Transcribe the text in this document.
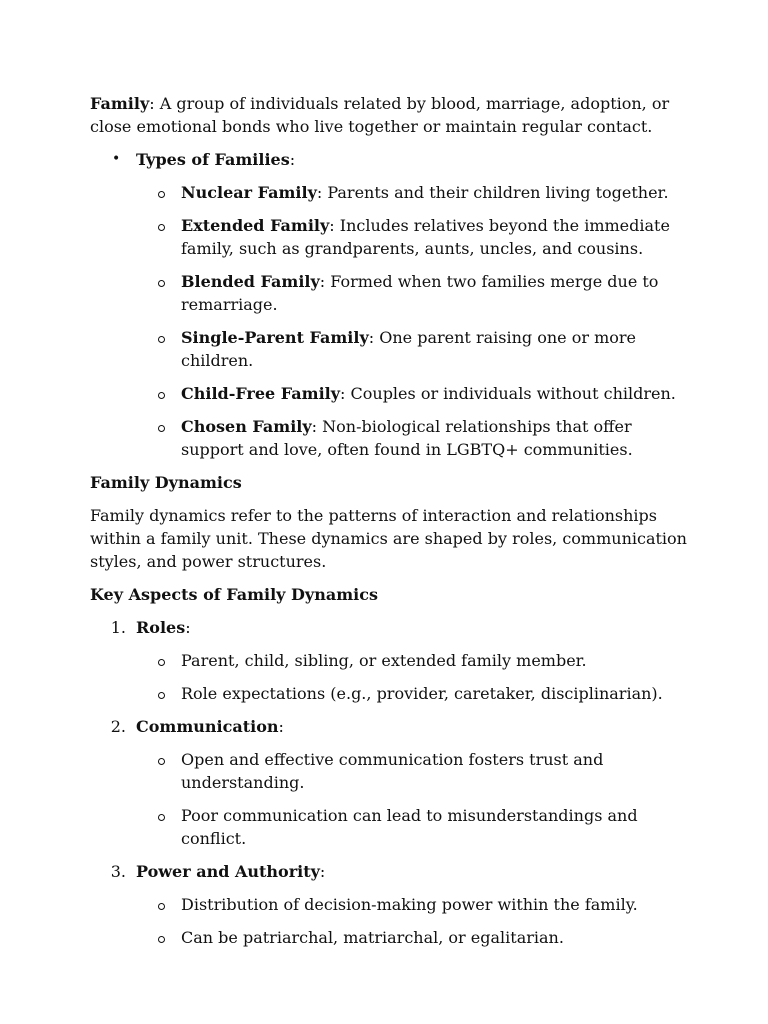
Family: A group of individuals related by blood, marriage, adoption, or close emotional bonds who live together or maintain regular contact.

• Types of Families:
Nuclear Family: Parents and their children living together.
Extended Family: Includes relatives beyond the immediate family, such as grandparents, aunts, uncles, and cousins.
Blended Family: Formed when two families merge due to remarriage.
Single-Parent Family: One parent raising one or more children.
Child-Free Family: Couples or individuals without children.
Chosen Family: Non-biological relationships that offer support and love, often found in LGBTQ+ communities.

Family Dynamics

Family dynamics refer to the patterns of interaction and relationships within a family unit. These dynamics are shaped by roles, communication styles, and power structures.

Key Aspects of Family Dynamics

1. Roles:
Parent, child, sibling, or extended family member.
Role expectations (e.g., provider, caretaker, disciplinarian).
2. Communication:
Open and effective communication fosters trust and understanding.
Poor communication can lead to misunderstandings and conflict.
3. Power and Authority:
Distribution of decision-making power within the family.
Can be patriarchal, matriarchal, or egalitarian.
